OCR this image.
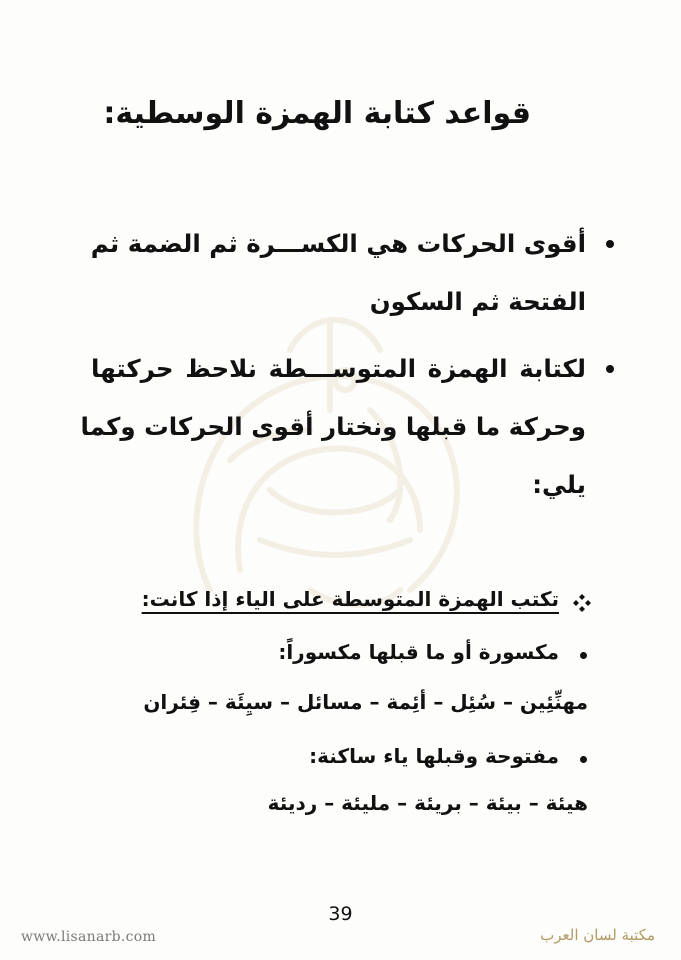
قواعد كتابة الهمزة الوسطية:
أقوى الحركات هي الكســـرة ثم الضمة ثم
الفتحة ثم السكون
لكتابة الهمزة المتوســـطة نلاحظ حركتها
وحركة ما قبلها ونختار أقوى الحركات وكما
يلي:
تكتب الهمزة المتوسطة على الياء إذا كانت:
مكسورة أو ما قبلها مكسوراً:
مهنِّئِين – سُئِل – أئِمة – مسائل – سيِئَة – فِئران
مفتوحة وقبلها ياء ساكنة:
هيئة – بيئة – بريئة – مليئة – رديئة
39
www.lisanarb.com	مكتبة لسان العرب
